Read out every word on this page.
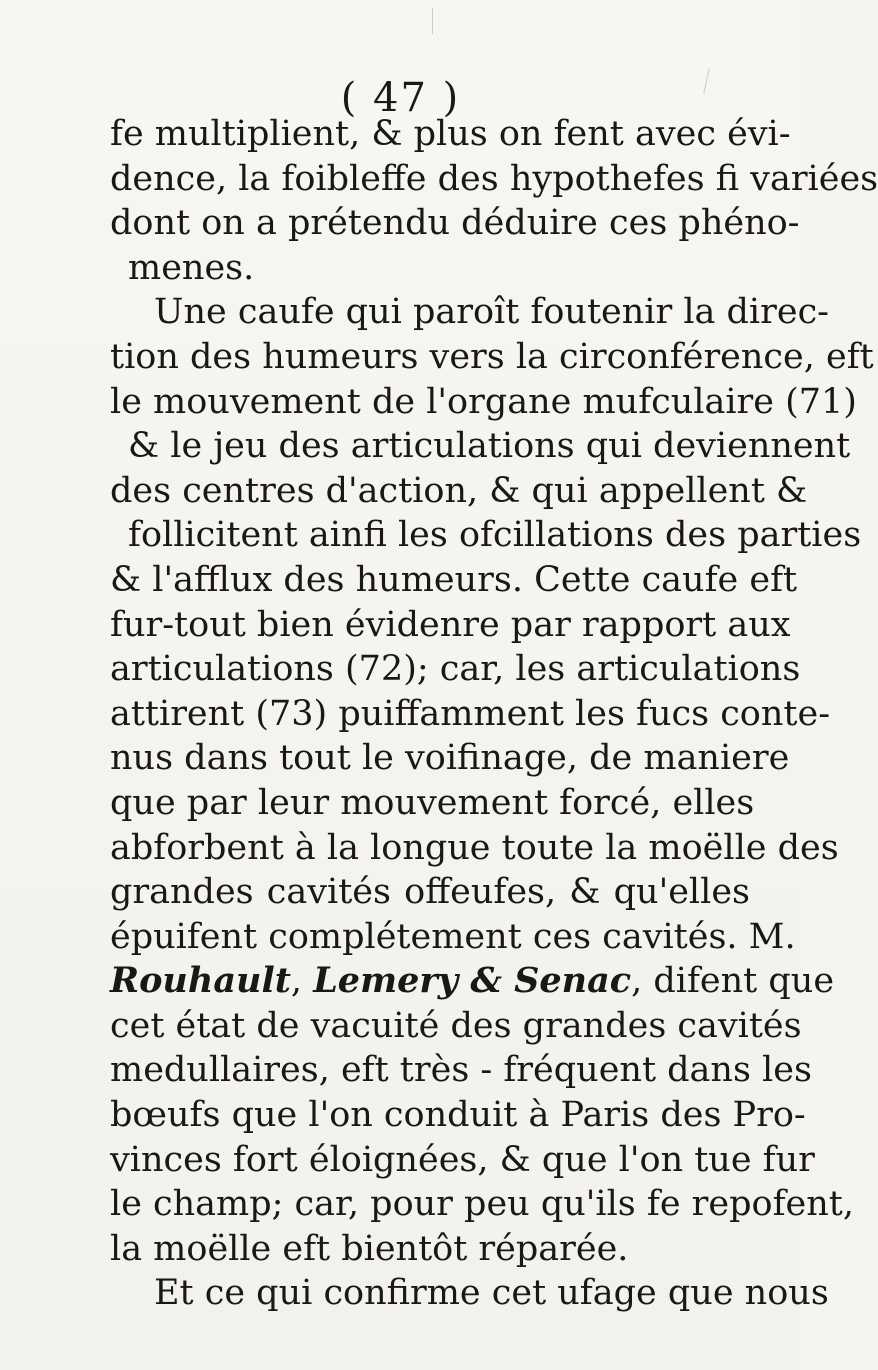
( 47 )
fe multiplient, & plus on fent avec évi-
dence, la foibleffe des hypothefes fi variées
dont on a prétendu déduire ces phéno-
menes.
Une caufe qui paroît foutenir la direc-
tion des humeurs vers la circonférence, eft
le mouvement de l'organe mufculaire (71)
& le jeu des articulations qui deviennent
des centres d'action, & qui appellent &
follicitent ainfi les ofcillations des parties
& l'afflux des humeurs. Cette caufe eft
fur-tout bien évidenre par rapport aux
articulations (72); car, les articulations
attirent (73) puiffamment les fucs conte-
nus dans tout le voifinage, de maniere
que par leur mouvement forcé, elles
abforbent à la longue toute la moëlle des
grandes cavités offeufes, & qu'elles
épuifent complétement ces cavités. M.
Rouhault, Lemery & Senac, difent que
cet état de vacuité des grandes cavités
medullaires, eft très - fréquent dans les
bœufs que l'on conduit à Paris des Pro-
vinces fort éloignées, & que l'on tue fur
le champ; car, pour peu qu'ils fe repofent,
la moëlle eft bientôt réparée.
Et ce qui confirme cet ufage que nous
